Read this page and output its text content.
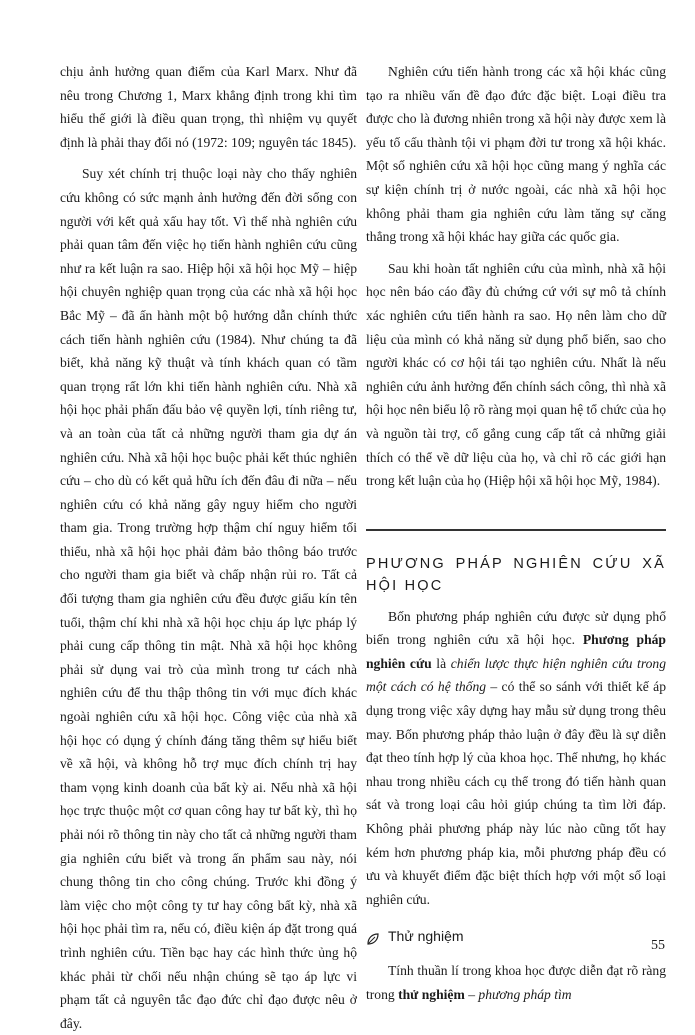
chịu ảnh hưởng quan điểm của Karl Marx. Như đã nêu trong Chương 1, Marx khẳng định trong khi tìm hiểu thế giới là điều quan trọng, thì nhiệm vụ quyết định là phải thay đổi nó (1972: 109; nguyên tác 1845).

Suy xét chính trị thuộc loại này cho thấy nghiên cứu không có sức mạnh ảnh hưởng đến đời sống con người với kết quả xấu hay tốt. Vì thế nhà nghiên cứu phải quan tâm đến việc họ tiến hành nghiên cứu cũng như ra kết luận ra sao. Hiệp hội xã hội học Mỹ – hiệp hội chuyên nghiệp quan trọng của các nhà xã hội học Bắc Mỹ – đã ấn hành một bộ hướng dẫn chính thức cách tiến hành nghiên cứu (1984). Như chúng ta đã biết, khả năng kỹ thuật và tính khách quan có tầm quan trọng rất lớn khi tiến hành nghiên cứu. Nhà xã hội học phải phấn đấu bảo vệ quyền lợi, tính riêng tư, và an toàn của tất cả những người tham gia dự án nghiên cứu. Nhà xã hội học buộc phải kết thúc nghiên cứu – cho dù có kết quả hữu ích đến đâu đi nữa – nếu nghiên cứu có khả năng gây nguy hiểm cho người tham gia. Trong trường hợp thậm chí nguy hiểm tối thiểu, nhà xã hội học phải đảm bảo thông báo trước cho người tham gia biết và chấp nhận rủi ro. Tất cả đối tượng tham gia nghiên cứu đều được giấu kín tên tuổi, thậm chí khi nhà xã hội học chịu áp lực pháp lý phải cung cấp thông tin mật. Nhà xã hội học không phải sử dụng vai trò của mình trong tư cách nhà nghiên cứu để thu thập thông tin với mục đích khác ngoài nghiên cứu xã hội học. Công việc của nhà xã hội học có dụng ý chính đáng tăng thêm sự hiểu biết về xã hội, và không hỗ trợ mục đích chính trị hay tham vọng kinh doanh của bất kỳ ai. Nếu nhà xã hội học trực thuộc một cơ quan công hay tư bất kỳ, thì họ phải nói rõ thông tin này cho tất cả những người tham gia nghiên cứu biết và trong ấn phẩm sau này, nói chung thông tin cho công chúng. Trước khi đồng ý làm việc cho một công ty tư hay công bất kỳ, nhà xã hội học phải tìm ra, nếu có, điều kiện áp đặt trong quá trình nghiên cứu. Tiền bạc hay các hình thức ủng hộ khác phải từ chối nếu nhận chúng sẽ tạo áp lực vi phạm tất cả nguyên tắc đạo đức chỉ đạo được nêu ở đây.

Nghiên cứu tiến hành trong các xã hội khác cũng tạo ra nhiều vấn đề đạo đức đặc biệt. Loại điều tra được cho là đương nhiên trong xã hội này được xem là yếu tố cấu thành tội vi phạm đời tư trong xã hội khác. Một số nghiên cứu xã hội học cũng mang ý nghĩa các sự kiện chính trị ở nước ngoài, các nhà xã hội học không phải tham gia nghiên cứu làm tăng sự căng thẳng trong xã hội khác hay giữa các quốc gia.

Sau khi hoàn tất nghiên cứu của mình, nhà xã hội học nên báo cáo đầy đủ chứng cứ với sự mô tả chính xác nghiên cứu tiến hành ra sao. Họ nên làm cho dữ liệu của mình có khả năng sử dụng phổ biến, sao cho người khác có cơ hội tái tạo nghiên cứu. Nhất là nếu nghiên cứu ảnh hưởng đến chính sách công, thì nhà xã hội học nên biểu lộ rõ ràng mọi quan hệ tổ chức của họ và nguồn tài trợ, cố gắng cung cấp tất cả những giải thích có thể về dữ liệu của họ, và chỉ rõ các giới hạn trong kết luận của họ (Hiệp hội xã hội học Mỹ, 1984).

PHƯƠNG PHÁP NGHIÊN CỨU XÃ HỘI HỌC

Bốn phương pháp nghiên cứu được sử dụng phổ biến trong nghiên cứu xã hội học. Phương pháp nghiên cứu là chiến lược thực hiện nghiên cứu trong một cách có hệ thống – có thể so sánh với thiết kế áp dụng trong việc xây dựng hay mẫu sử dụng trong thêu may. Bốn phương pháp thảo luận ở đây đều là sự diễn đạt theo tính hợp lý của khoa học. Thế nhưng, họ khác nhau trong nhiều cách cụ thể trong đó tiến hành quan sát và trong loại câu hỏi giúp chúng ta tìm lời đáp. Không phải phương pháp này lúc nào cũng tốt hay kém hơn phương pháp kia, mỗi phương pháp đều có ưu và khuyết điểm đặc biệt thích hợp với một số loại nghiên cứu.

Thử nghiệm

Tính thuần lí trong khoa học được diễn đạt rõ ràng trong thử nghiệm – phương pháp tìm

55
